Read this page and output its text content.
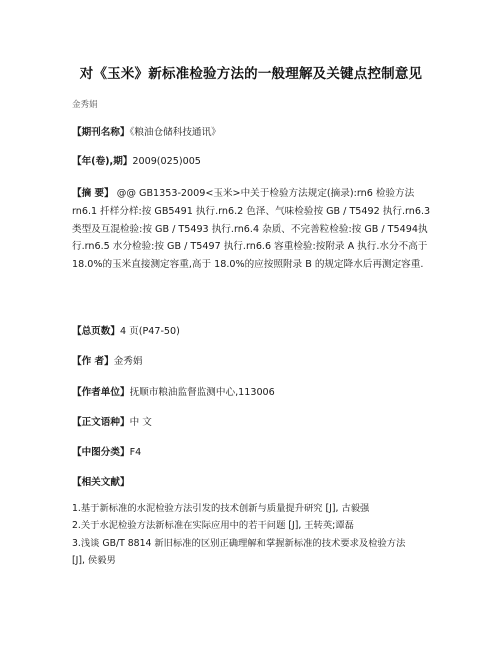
对《玉米》新标准检验方法的一般理解及关键点控制意见
金秀娟
【期刊名称】《粮油仓储科技通讯》
【年(卷),期】2009(025)005
【摘 要】 @@ GB1353-2009<玉米>中关于检验方法规定(摘录):rn6 检验方法rn6.1 扦样分样:按 GB5491 执行.rn6.2 色泽、气味检验按 GB / T5492 执行.rn6.3 类型及互混检验:按 GB / T5493 执行.rn6.4 杂质、不完善粒检验:按 GB / T5494执行.rn6.5 水分检验:按 GB / T5497 执行.rn6.6 容重检验:按附录 A 执行.水分不高于 18.0%的玉米直接测定容重,高于 18.0%的应按照附录 B 的规定降水后再测定容重.
【总页数】4 页(P47-50)
【作 者】金秀娟
【作者单位】抚顺市粮油监督监测中心,113006
【正文语种】中 文
【中图分类】F4
【相关文献】
1.基于新标准的水泥检验方法引发的技术创新与质量提升研究 [J], 古毅强
2.关于水泥检验方法新标准在实际应用中的若干问题 [J], 王转英;谭磊
3.浅谈 GB/T 8814 新旧标准的区别正确理解和掌握新标准的技术要求及检验方法
[J], 侯毅男
